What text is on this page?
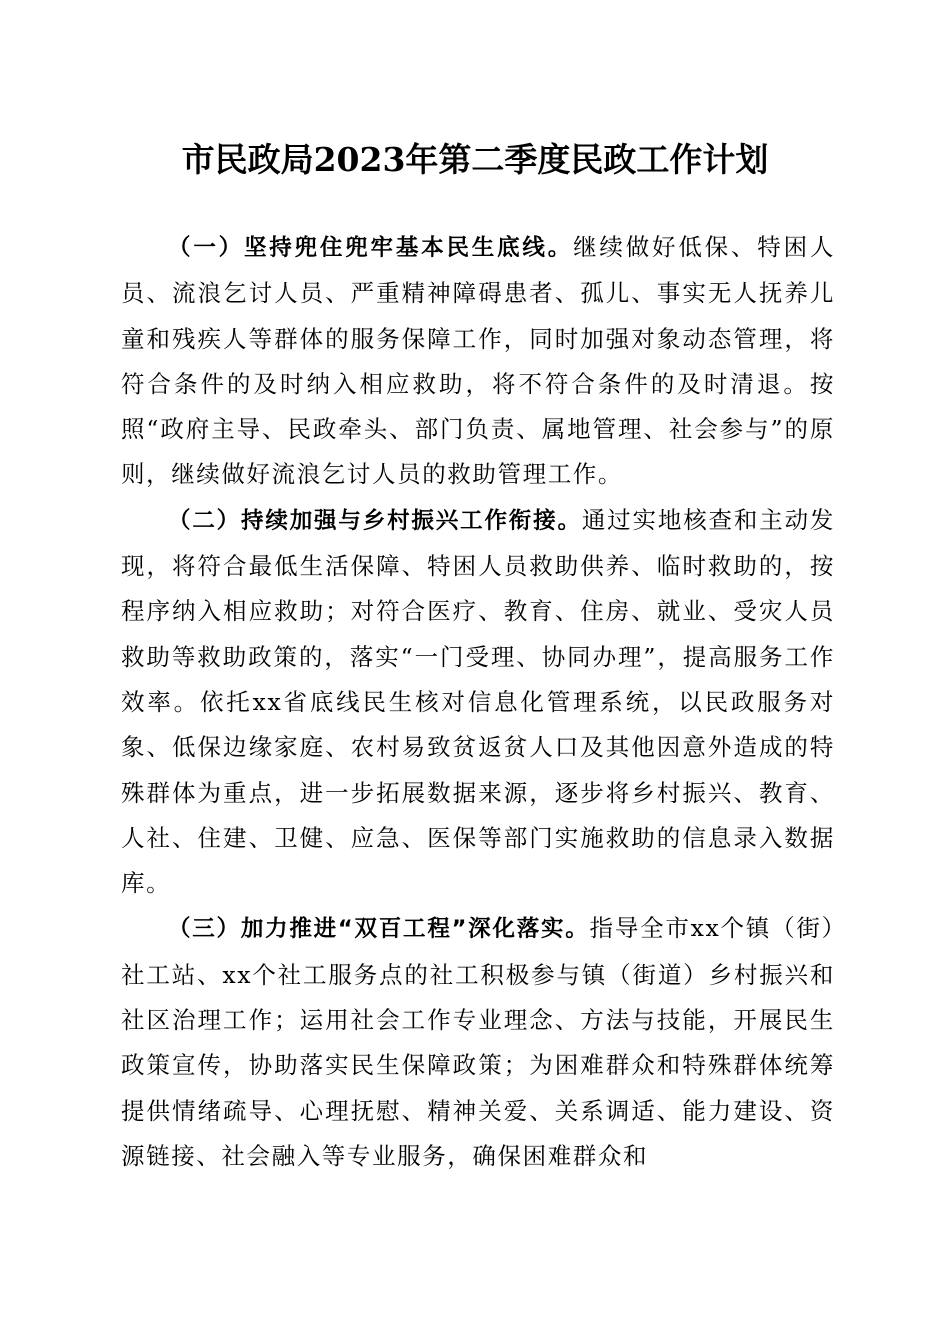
市民政局2023年第二季度民政工作计划

（一）坚持兜住兜牢基本民生底线。继续做好低保、特困人员、流浪乞讨人员、严重精神障碍患者、孤儿、事实无人抚养儿童和残疾人等群体的服务保障工作，同时加强对象动态管理，将符合条件的及时纳入相应救助，将不符合条件的及时清退。按照“政府主导、民政牵头、部门负责、属地管理、社会参与”的原则，继续做好流浪乞讨人员的救助管理工作。

（二）持续加强与乡村振兴工作衔接。通过实地核查和主动发现，将符合最低生活保障、特困人员救助供养、临时救助的，按程序纳入相应救助；对符合医疗、教育、住房、就业、受灾人员救助等救助政策的，落实“一门受理、协同办理”，提高服务工作效率。依托xx省底线民生核对信息化管理系统，以民政服务对象、低保边缘家庭、农村易致贫返贫人口及其他因意外造成的特殊群体为重点，进一步拓展数据来源，逐步将乡村振兴、教育、人社、住建、卫健、应急、医保等部门实施救助的信息录入数据库。

（三）加力推进“双百工程”深化落实。指导全市xx个镇（街）社工站、xx个社工服务点的社工积极参与镇（街道）乡村振兴和社区治理工作；运用社会工作专业理念、方法与技能，开展民生政策宣传，协助落实民生保障政策；为困难群众和特殊群体统筹提供情绪疏导、心理抚慰、精神关爱、关系调适、能力建设、资源链接、社会融入等专业服务，确保困难群众和
